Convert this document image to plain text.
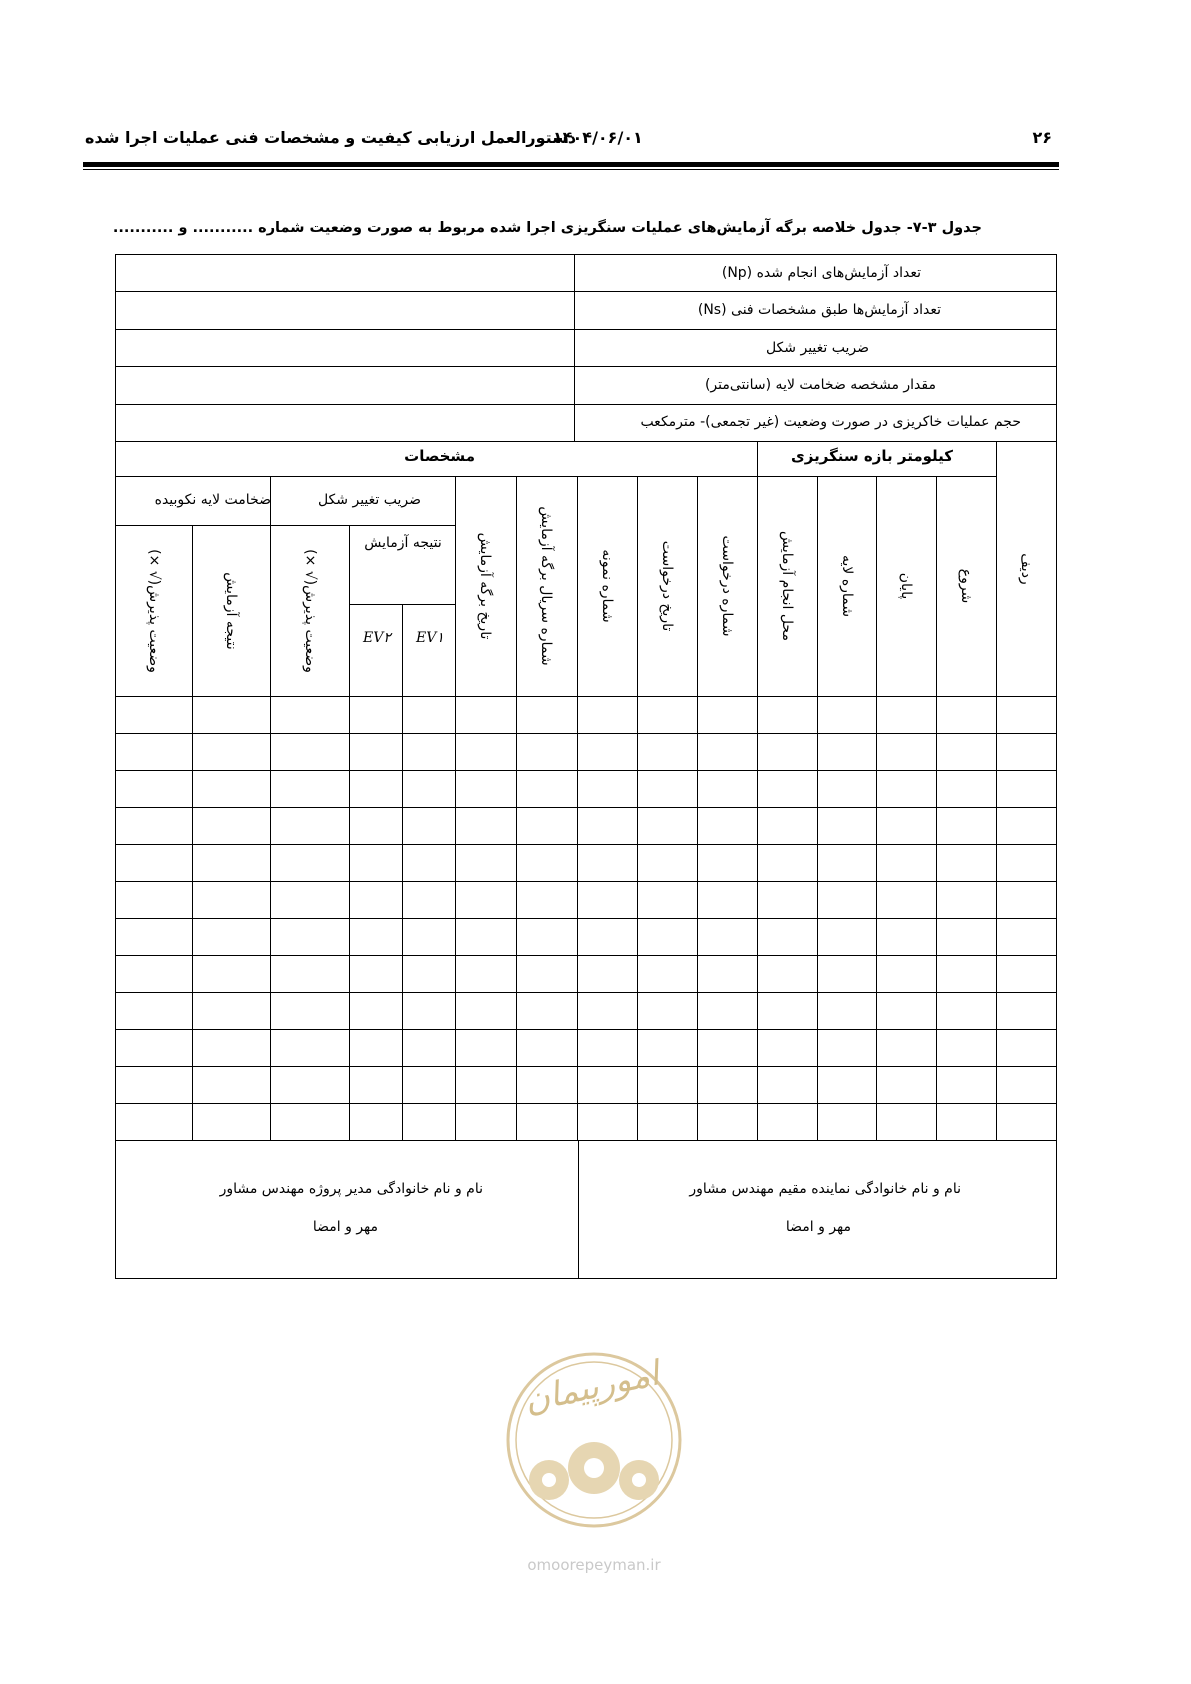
۲۶
۱۴۰۴/۰۶/۰۱
دستورالعمل ارزیابی کیفیت و مشخصات فنی عملیات اجرا شده
جدول ۳-۷- جدول خلاصه برگه آزمایش‌های عملیات سنگریزی اجرا شده مربوط به صورت وضعیت شماره ........... و ...........
تعداد آزمایش‌های انجام شده (Np)
تعداد آزمایش‌ها طبق مشخصات فنی (Ns)
ضریب تغییر شکل
مقدار مشخصه ضخامت لایه (سانتی‌متر)
حجم عملیات خاکریزی در صورت وضعیت (غیر تجمعی)- مترمکعب
مشخصات	کیلومتر بازه سنگریزی
ضخامت لایه نکوبیده	ضریب تغییر شکل
نتیجه آزمایش
EV۲ EV۱
ردیف
شروع
پایان
شماره لایه
محل انجام آزمایش
شماره درخواست
تاریخ درخواست
شماره نمونه
شماره سریال برگه آزمایش
تاریخ برگه آزمایش
وضعیت پذیرش(√ ×)
نتیجه آزمایش
وضعیت پذیرش(√ ×)
نام و نام خانوادگی نماینده مقیم مهندس مشاور
مهر و امضا
نام و نام خانوادگی مدیر پروژه مهندس مشاور
مهر و امضا
امورپیمان
omoorepeyman.ir
